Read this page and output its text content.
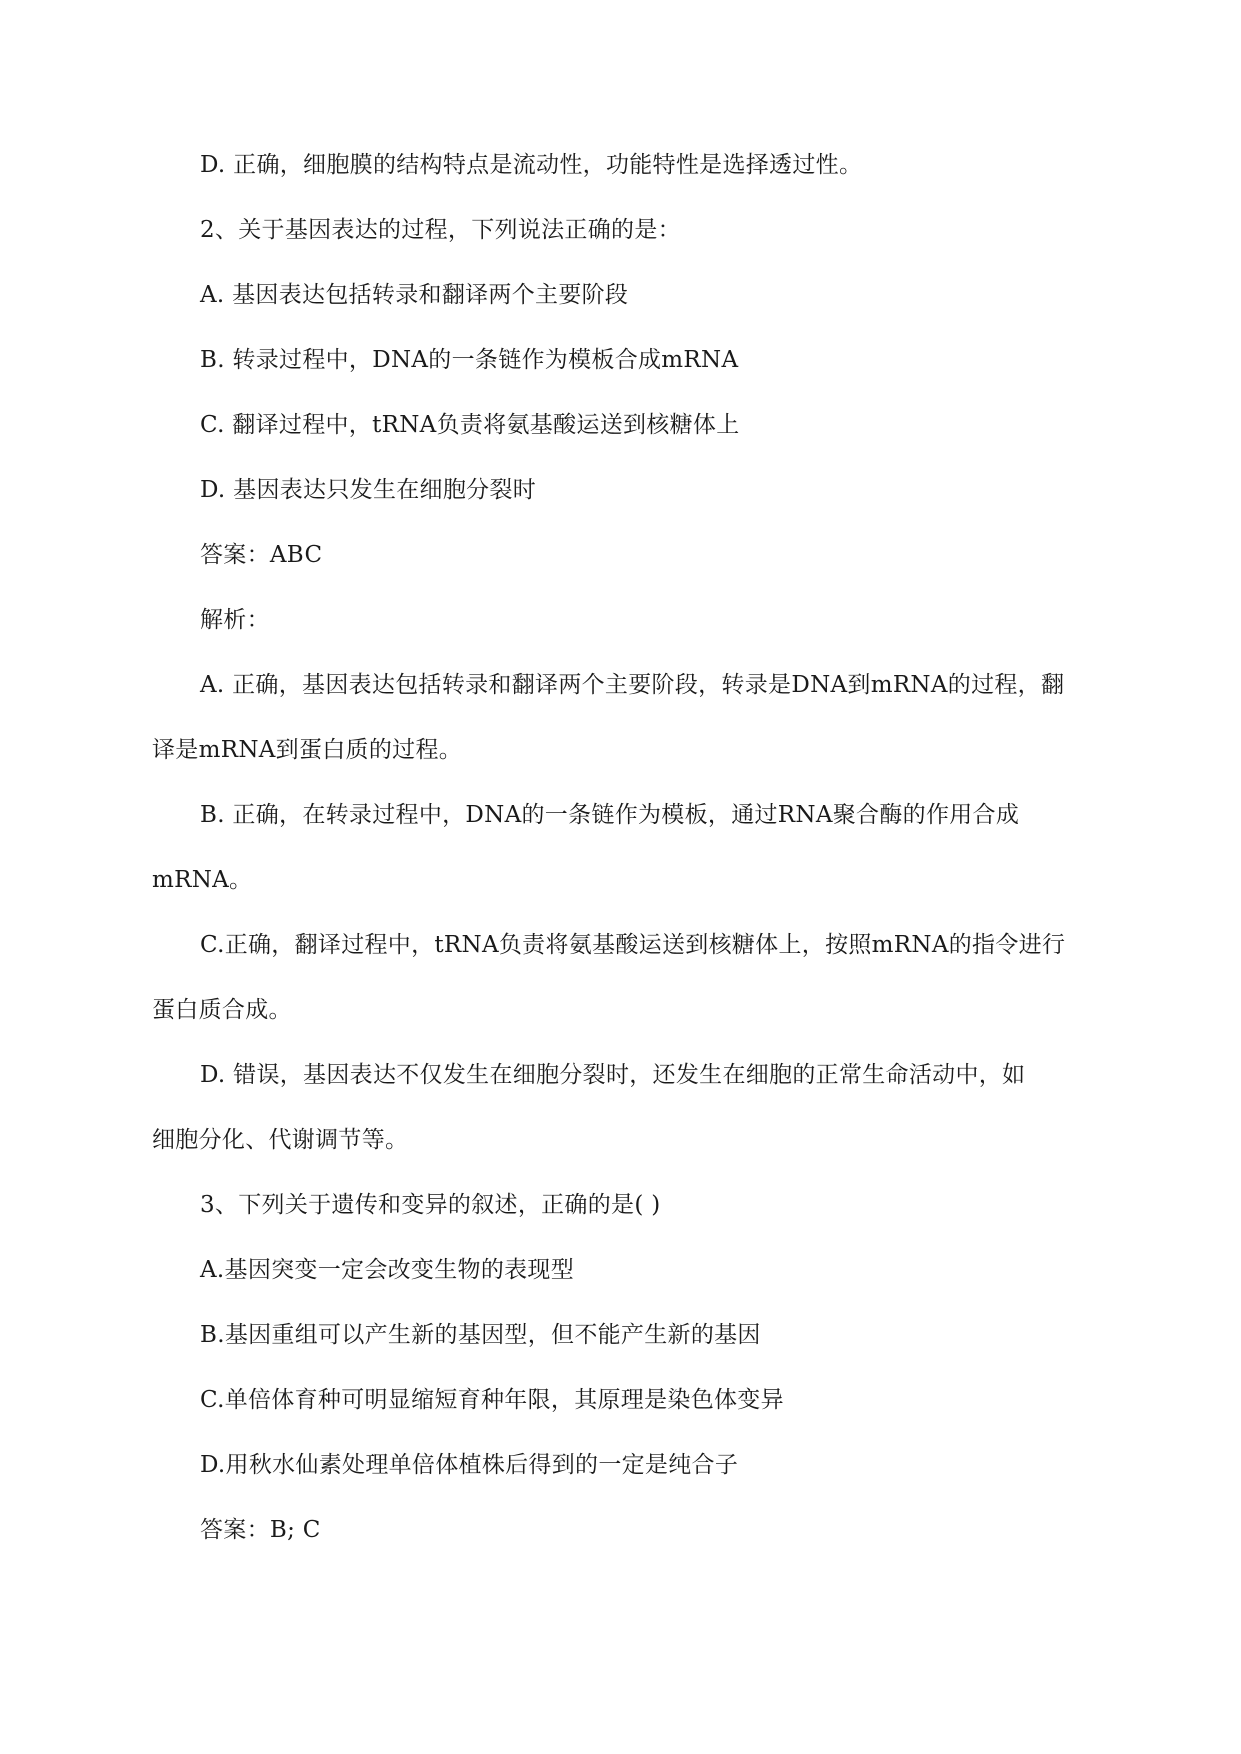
D. 正确，细胞膜的结构特点是流动性，功能特性是选择透过性。
2、关于基因表达的过程，下列说法正确的是：
A. 基因表达包括转录和翻译两个主要阶段
B. 转录过程中，DNA的一条链作为模板合成mRNA
C. 翻译过程中，tRNA负责将氨基酸运送到核糖体上
D. 基因表达只发生在细胞分裂时
答案：ABC
解析：
A. 正确，基因表达包括转录和翻译两个主要阶段，转录是DNA到mRNA的过程，翻
译是mRNA到蛋白质的过程。
B. 正确，在转录过程中，DNA的一条链作为模板，通过RNA聚合酶的作用合成
mRNA。
C.正确，翻译过程中，tRNA负责将氨基酸运送到核糖体上，按照mRNA的指令进行
蛋白质合成。
D. 错误，基因表达不仅发生在细胞分裂时，还发生在细胞的正常生命活动中，如
细胞分化、代谢调节等。
3、下列关于遗传和变异的叙述，正确的是( )
A.基因突变一定会改变生物的表现型
B.基因重组可以产生新的基因型，但不能产生新的基因
C.单倍体育种可明显缩短育种年限，其原理是染色体变异
D.用秋水仙素处理单倍体植株后得到的一定是纯合子
答案：B; C
